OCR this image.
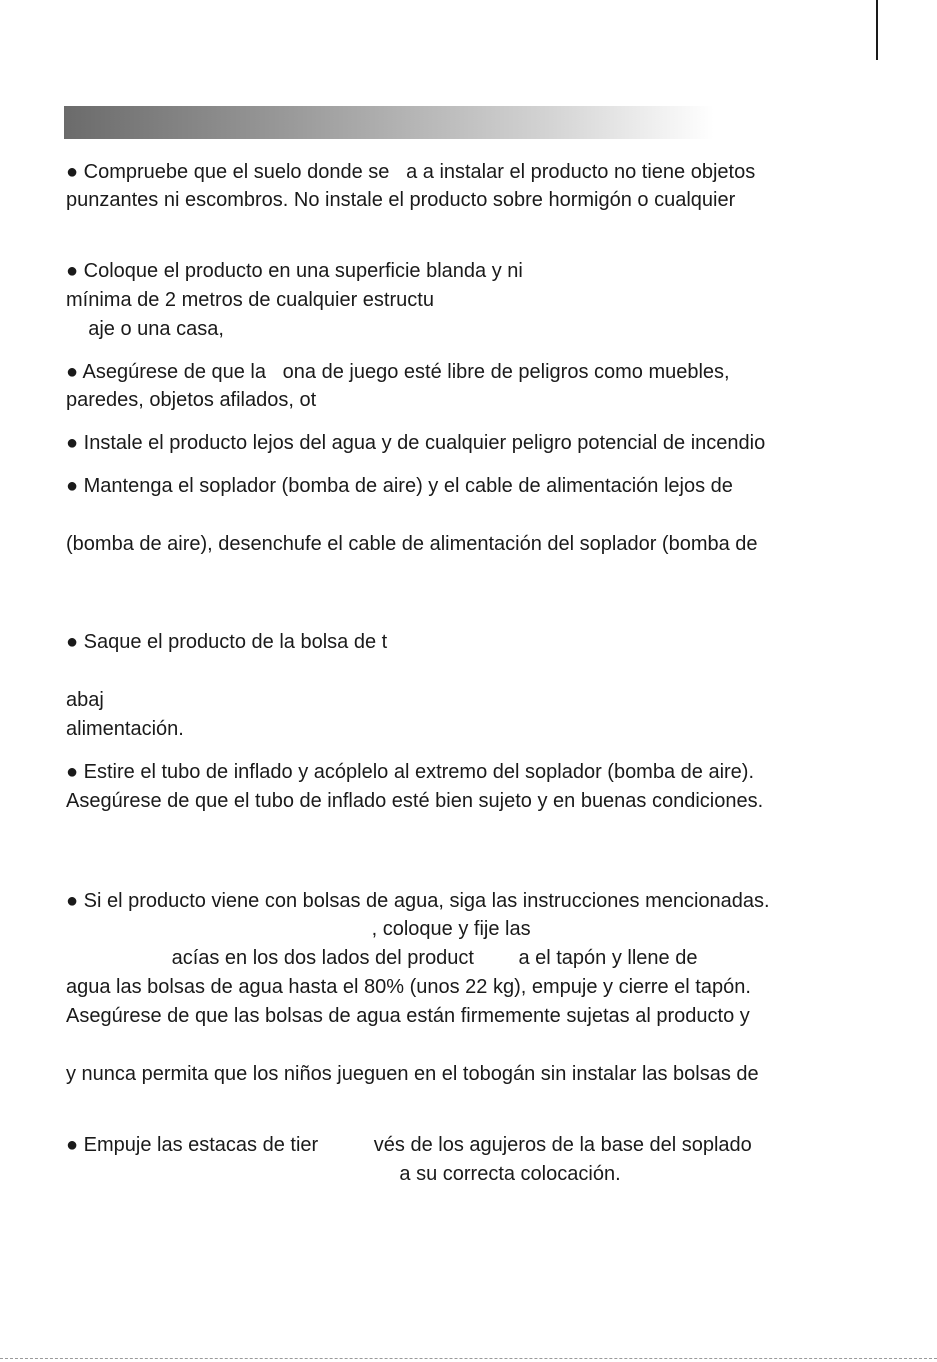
● Compruebe que el suelo donde se   a a instalar el producto no tiene objetos

punzantes ni escombros. No instale el producto sobre hormigón o cualquier

● Coloque el producto en una superficie blanda y ni

mínima de 2 metros de cualquier estructu

aje o una casa,

● Asegúrese de que la   ona de juego esté libre de peligros como muebles,

paredes, objetos afilados, ot

● Instale el producto lejos del agua y de cualquier peligro potencial de incendio

● Mantenga el soplador (bomba de aire) y el cable de alimentación lejos de

(bomba de aire), desenchufe el cable de alimentación del soplador (bomba de

● Saque el producto de la bolsa de t

abaj

alimentación.

● Estire el tubo de inflado y acóplelo al extremo del soplador (bomba de aire).

Asegúrese de que el tubo de inflado esté bien sujeto y en buenas condiciones.

● Si el producto viene con bolsas de agua, siga las instrucciones mencionadas.

, coloque y fije las

acías en los dos lados del product        a el tapón y llene de

agua las bolsas de agua hasta el 80% (unos 22 kg), empuje y cierre el tapón.

Asegúrese de que las bolsas de agua están firmemente sujetas al producto y

y nunca permita que los niños jueguen en el tobogán sin instalar las bolsas de

● Empuje las estacas de tier          vés de los agujeros de la base del soplado

a su correcta colocación.
